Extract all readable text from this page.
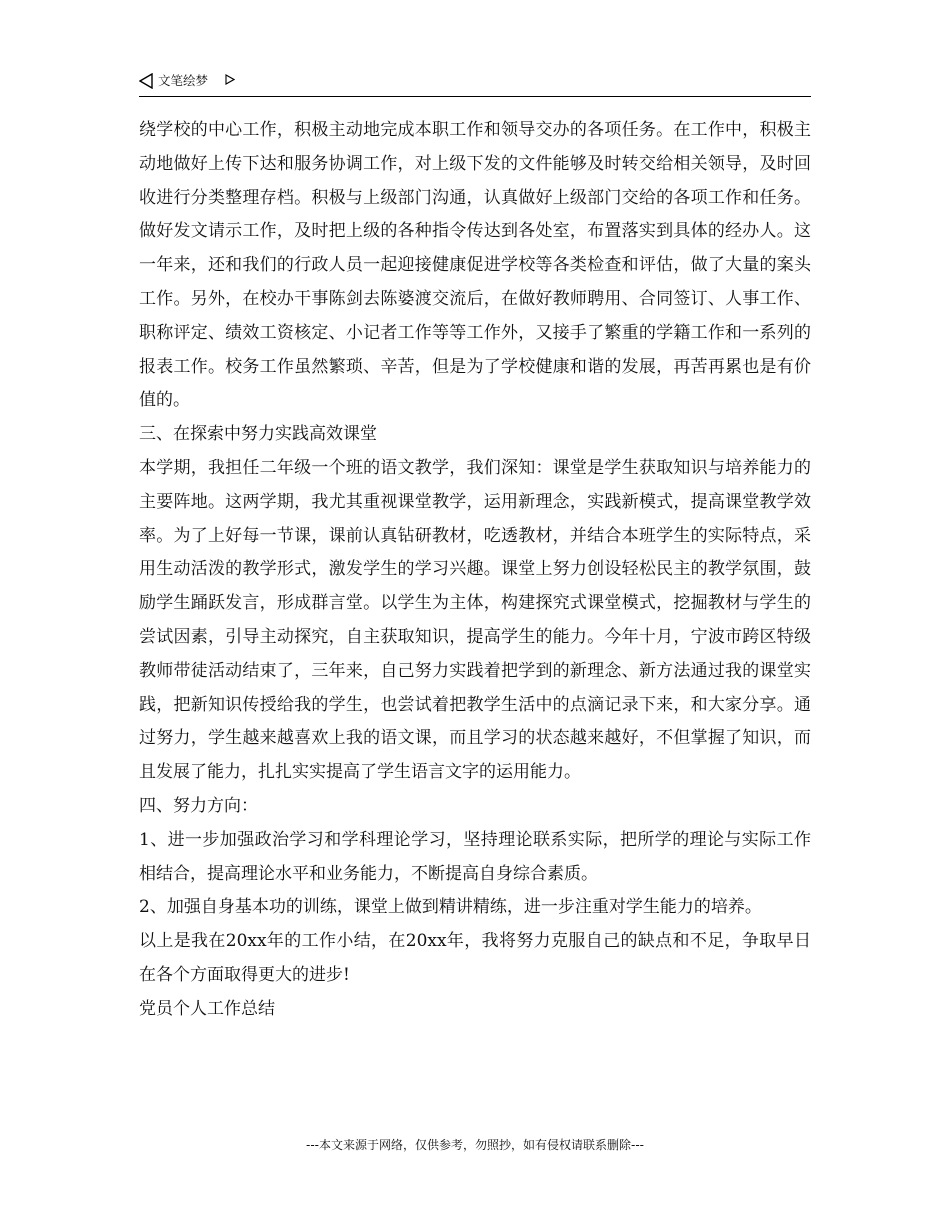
文笔绘梦

绕学校的中心工作，积极主动地完成本职工作和领导交办的各项任务。在工作中，积极主动地做好上传下达和服务协调工作，对上级下发的文件能够及时转交给相关领导，及时回收进行分类整理存档。积极与上级部门沟通，认真做好上级部门交给的各项工作和任务。做好发文请示工作，及时把上级的各种指令传达到各处室，布置落实到具体的经办人。这一年来，还和我们的行政人员一起迎接健康促进学校等各类检查和评估，做了大量的案头工作。另外，在校办干事陈剑去陈婆渡交流后，在做好教师聘用、合同签订、人事工作、职称评定、绩效工资核定、小记者工作等等工作外，又接手了繁重的学籍工作和一系列的报表工作。校务工作虽然繁琐、辛苦，但是为了学校健康和谐的发展，再苦再累也是有价值的。

三、在探索中努力实践高效课堂

本学期，我担任二年级一个班的语文教学，我们深知：课堂是学生获取知识与培养能力的主要阵地。这两学期，我尤其重视课堂教学，运用新理念，实践新模式，提高课堂教学效率。为了上好每一节课，课前认真钻研教材，吃透教材，并结合本班学生的实际特点，采用生动活泼的教学形式，激发学生的学习兴趣。课堂上努力创设轻松民主的教学氛围，鼓励学生踊跃发言，形成群言堂。以学生为主体，构建探究式课堂模式，挖掘教材与学生的尝试因素，引导主动探究，自主获取知识，提高学生的能力。今年十月，宁波市跨区特级教师带徒活动结束了，三年来，自己努力实践着把学到的新理念、新方法通过我的课堂实践，把新知识传授给我的学生，也尝试着把教学生活中的点滴记录下来，和大家分享。通过努力，学生越来越喜欢上我的语文课，而且学习的状态越来越好，不但掌握了知识，而且发展了能力，扎扎实实提高了学生语言文字的运用能力。

四、努力方向：

1、进一步加强政治学习和学科理论学习，坚持理论联系实际，把所学的理论与实际工作相结合，提高理论水平和业务能力，不断提高自身综合素质。

2、加强自身基本功的训练，课堂上做到精讲精练，进一步注重对学生能力的培养。

以上是我在20xx年的工作小结，在20xx年，我将努力克服自己的缺点和不足，争取早日在各个方面取得更大的进步!

党员个人工作总结

---本文来源于网络，仅供参考，勿照抄，如有侵权请联系删除---
